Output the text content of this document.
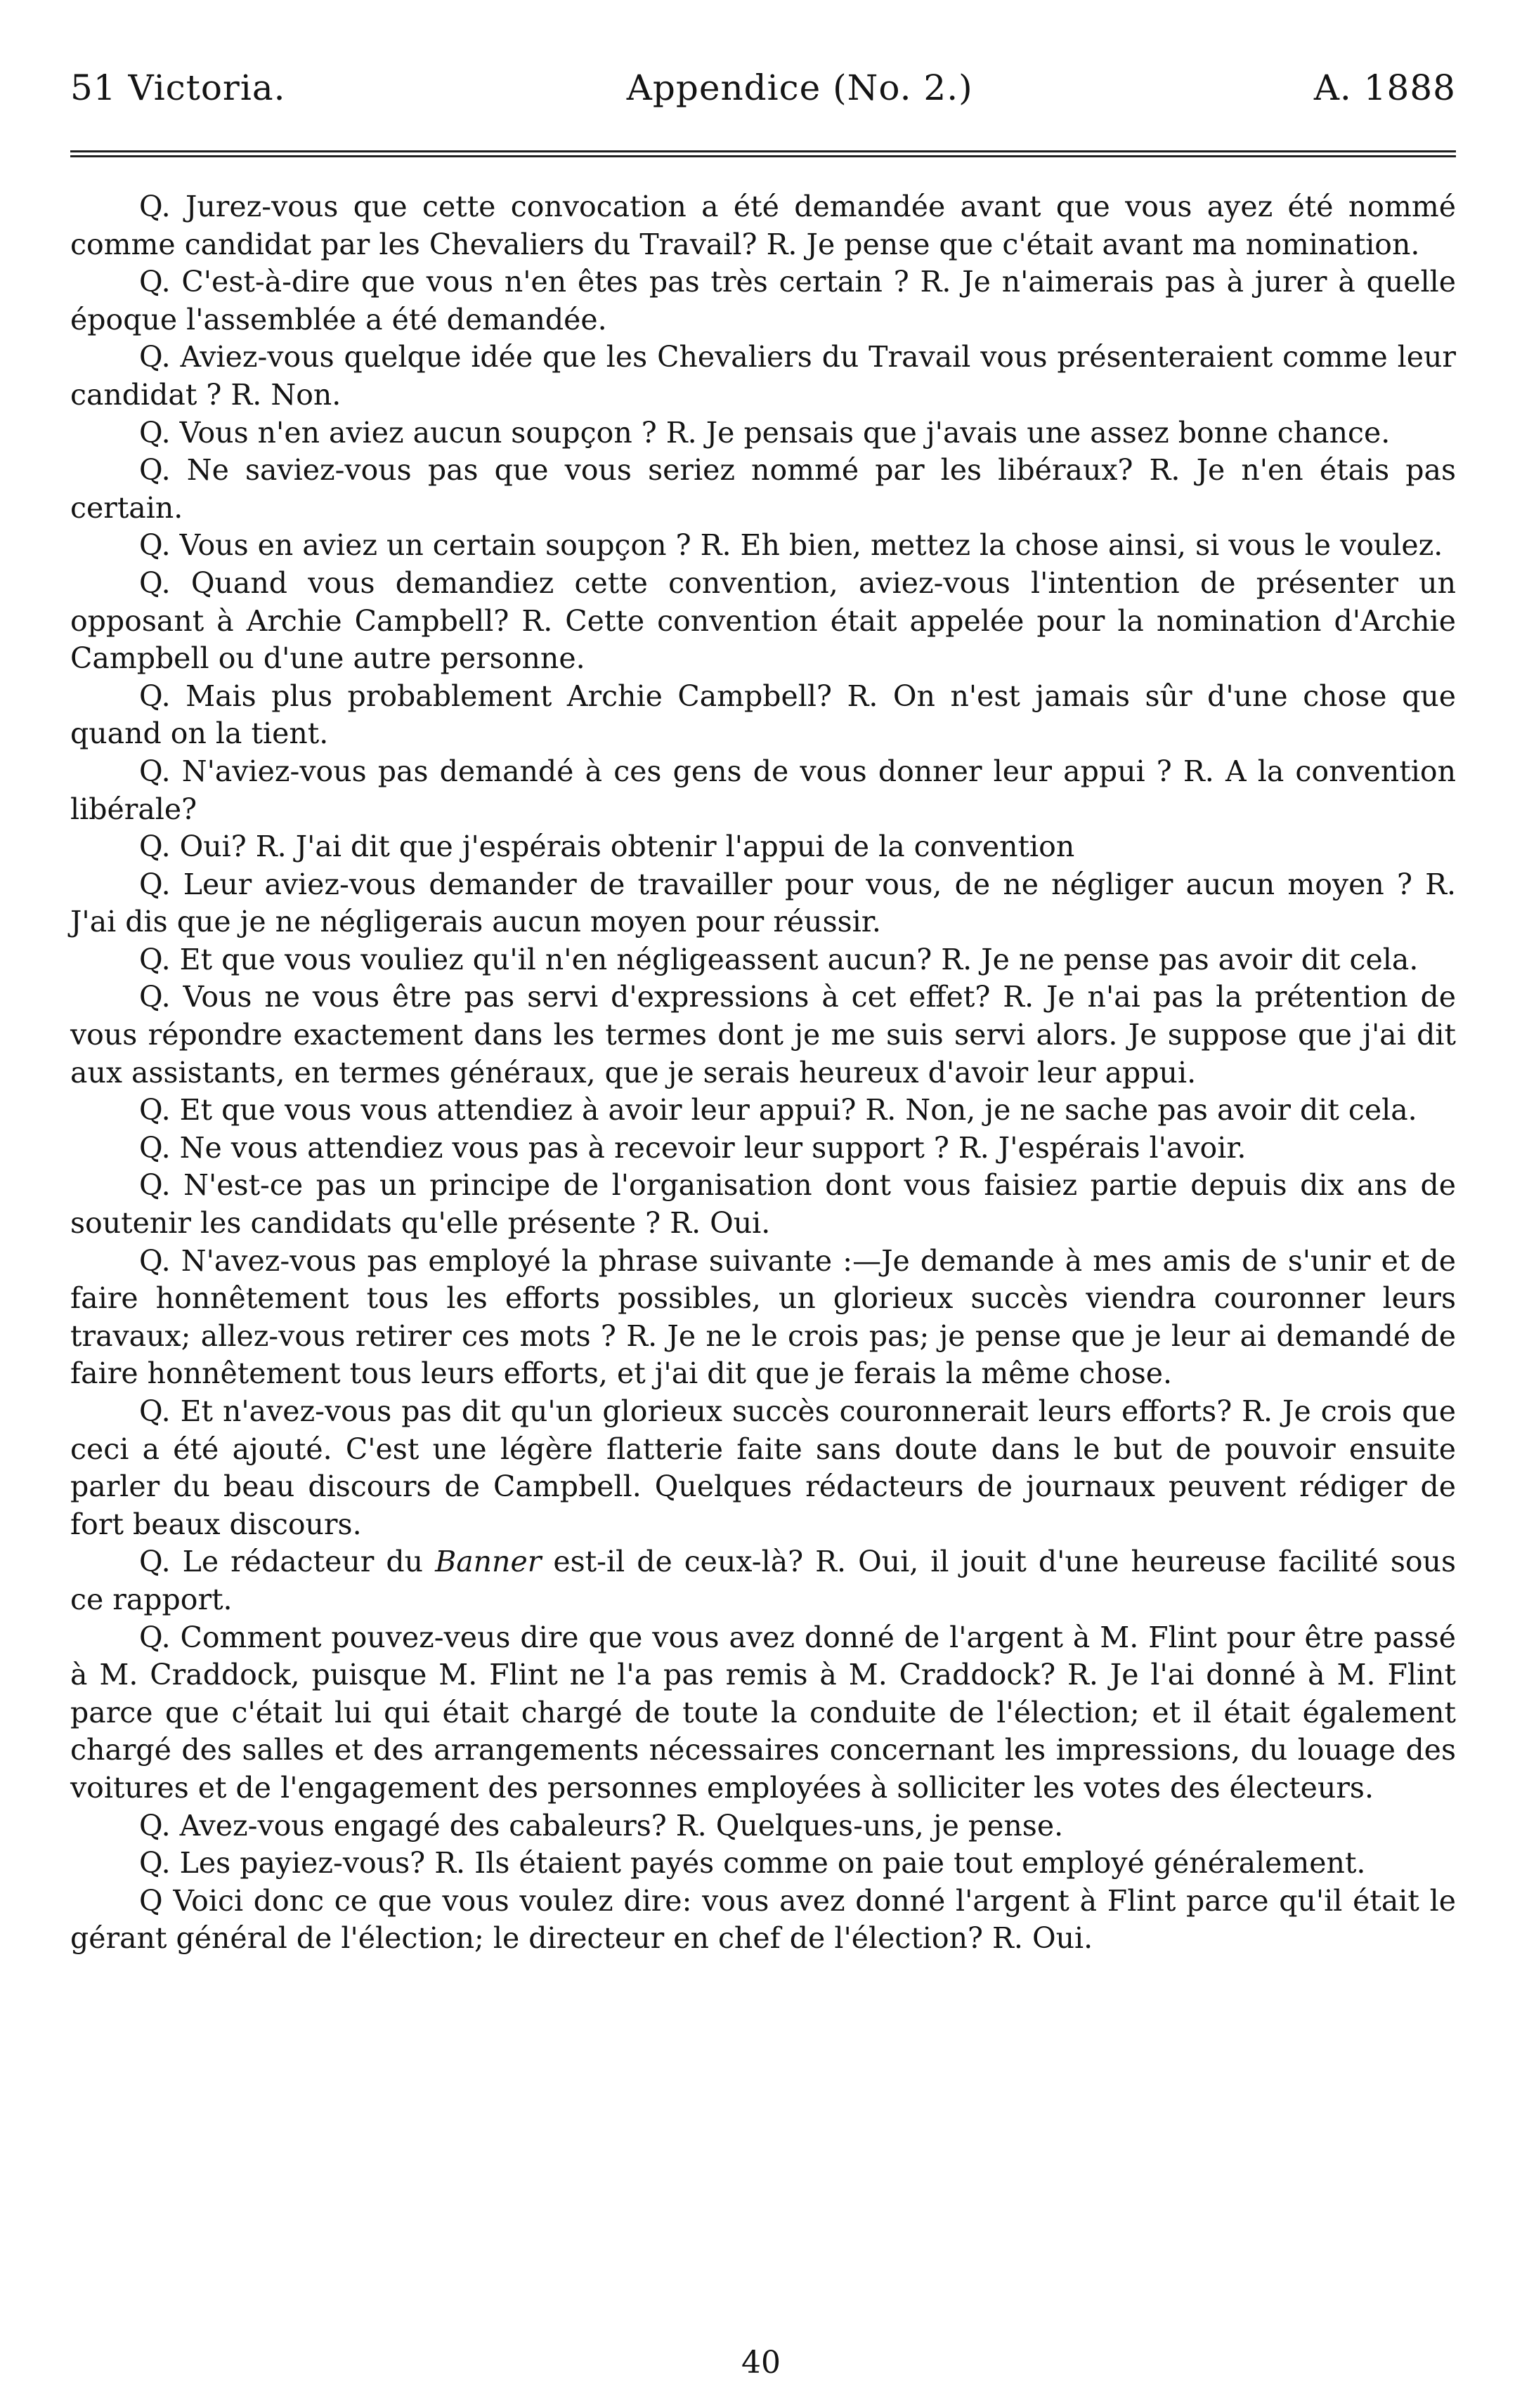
51 Victoria.	Appendice (No. 2.)	A. 1888

Q. Jurez-vous que cette convocation a été demandée avant que vous ayez été nommé comme candidat par les Chevaliers du Travail? R. Je pense que c'était avant ma nomination.

Q. C'est-à-dire que vous n'en êtes pas très certain ? R. Je n'aimerais pas à jurer à quelle époque l'assemblée a été demandée.

Q. Aviez-vous quelque idée que les Chevaliers du Travail vous présenteraient comme leur candidat ? R. Non.

Q. Vous n'en aviez aucun soupçon ? R. Je pensais que j'avais une assez bonne chance.

Q. Ne saviez-vous pas que vous seriez nommé par les libéraux? R. Je n'en étais pas certain.

Q. Vous en aviez un certain soupçon ? R. Eh bien, mettez la chose ainsi, si vous le voulez.

Q. Quand vous demandiez cette convention, aviez-vous l'intention de présenter un opposant à Archie Campbell? R. Cette convention était appelée pour la nomination d'Archie Campbell ou d'une autre personne.

Q. Mais plus probablement Archie Campbell? R. On n'est jamais sûr d'une chose que quand on la tient.

Q. N'aviez-vous pas demandé à ces gens de vous donner leur appui ? R. A la convention libérale?

Q. Oui? R. J'ai dit que j'espérais obtenir l'appui de la convention

Q. Leur aviez-vous demander de travailler pour vous, de ne négliger aucun moyen ? R. J'ai dis que je ne négligerais aucun moyen pour réussir.

Q. Et que vous vouliez qu'il n'en négligeassent aucun? R. Je ne pense pas avoir dit cela.

Q. Vous ne vous être pas servi d'expressions à cet effet? R. Je n'ai pas la prétention de vous répondre exactement dans les termes dont je me suis servi alors. Je suppose que j'ai dit aux assistants, en termes généraux, que je serais heureux d'avoir leur appui.

Q. Et que vous vous attendiez à avoir leur appui? R. Non, je ne sache pas avoir dit cela.

Q. Ne vous attendiez vous pas à recevoir leur support ? R. J'espérais l'avoir.

Q. N'est-ce pas un principe de l'organisation dont vous faisiez partie depuis dix ans de soutenir les candidats qu'elle présente ? R. Oui.

Q. N'avez-vous pas employé la phrase suivante :—Je demande à mes amis de s'unir et de faire honnêtement tous les efforts possibles, un glorieux succès viendra couronner leurs travaux; allez-vous retirer ces mots ? R. Je ne le crois pas; je pense que je leur ai demandé de faire honnêtement tous leurs efforts, et j'ai dit que je ferais la même chose.

Q. Et n'avez-vous pas dit qu'un glorieux succès couronnerait leurs efforts? R. Je crois que ceci a été ajouté. C'est une légère flatterie faite sans doute dans le but de pouvoir ensuite parler du beau discours de Campbell. Quelques rédacteurs de journaux peuvent rédiger de fort beaux discours.

Q. Le rédacteur du Banner est-il de ceux-là? R. Oui, il jouit d'une heureuse facilité sous ce rapport.

Q. Comment pouvez-veus dire que vous avez donné de l'argent à M. Flint pour être passé à M. Craddock, puisque M. Flint ne l'a pas remis à M. Craddock? R. Je l'ai donné à M. Flint parce que c'était lui qui était chargé de toute la conduite de l'élection; et il était également chargé des salles et des arrangements nécessaires concernant les impressions, du louage des voitures et de l'engagement des personnes employées à solliciter les votes des électeurs.

Q. Avez-vous engagé des cabaleurs? R. Quelques-uns, je pense.

Q. Les payiez-vous? R. Ils étaient payés comme on paie tout employé généralement.

Q Voici donc ce que vous voulez dire: vous avez donné l'argent à Flint parce qu'il était le gérant général de l'élection; le directeur en chef de l'élection? R. Oui.

40
